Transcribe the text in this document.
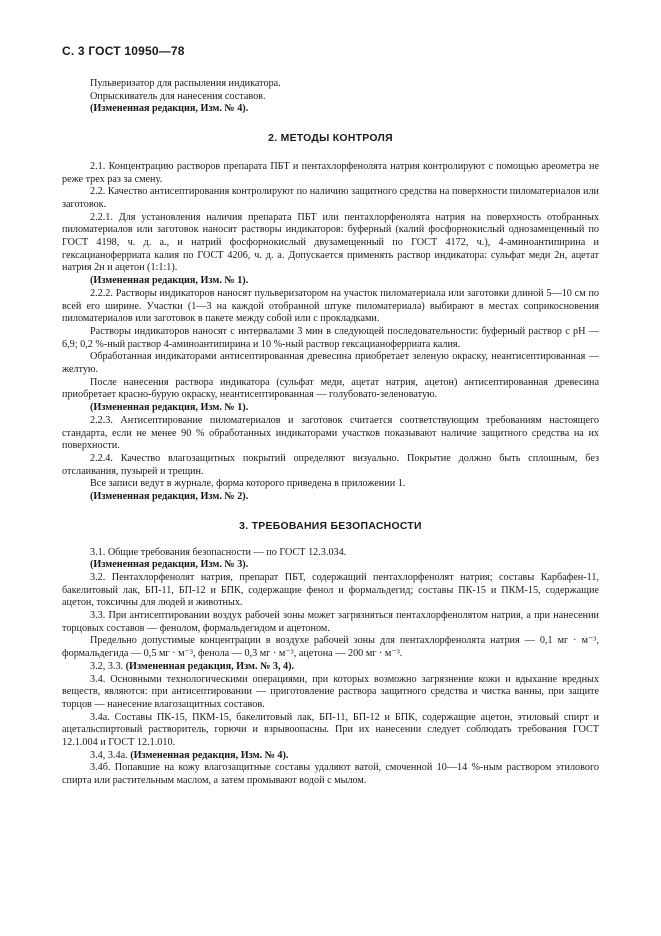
С. 3 ГОСТ 10950—78

Пульверизатор для распыления индикатора.

Опрыскиватель для нанесения составов.

(Измененная редакция, Изм. № 4).

2. МЕТОДЫ КОНТРОЛЯ

2.1. Концентрацию растворов препарата ПБТ и пентахлорфенолята натрия контролируют с помощью ареометра не реже трех раз за смену.

2.2. Качество антисептирования контролируют по наличию защитного средства на поверхности пиломатериалов или заготовок.

2.2.1. Для установления наличия препарата ПБТ или пентахлорфенолята натрия на поверхность отобранных пиломатериалов или заготовок наносят растворы индикаторов: буферный (калий фосфорнокислый однозамещенный по ГОСТ 4198, ч. д. а., и натрий фосфорнокислый двузамещенный по ГОСТ 4172, ч.), 4-аминоантипирина и гексацианоферриата калия по ГОСТ 4206, ч. д. а. Допускается применять раствор индикатора: сульфат меди 2н, ацетат натрия 2н и ацетон (1:1:1).

(Измененная редакция, Изм. № 1).

2.2.2. Растворы индикаторов наносят пульверизатором на участок пиломатериала или заготовки длиной 5—10 см по всей его ширине. Участки (1—3 на каждой отобранной штуке пиломатериала) выбирают в местах соприкосновения пиломатериалов или заготовок в пакете между собой или с прокладками.

Растворы индикаторов наносят с интервалами 3 мин в следующей последовательности: буферный раствор с pH — 6,9; 0,2 %-ный раствор 4-аминоантипирина и 10 %-ный раствор гексацианоферриата калия.

Обработанная индикаторами антисептированная древесина приобретает зеленую окраску, неантисептированная — желтую.

После нанесения раствора индикатора (сульфат меди, ацетат натрия, ацетон) антисептированная древесина приобретает красно-бурую окраску, неантисептированная — голубовато-зеленоватую.

(Измененная редакция, Изм. № 1).

2.2.3. Антисептирование пиломатериалов и заготовок считается соответствующим требованиям настоящего стандарта, если не менее 90 % обработанных индикаторами участков показывают наличие защитного средства на их поверхности.

2.2.4. Качество влагозащитных покрытий определяют визуально. Покрытие должно быть сплошным, без отслаивания, пузырей и трещин.

Все записи ведут в журнале, форма которого приведена в приложении 1.

(Измененная редакция, Изм. № 2).

3. ТРЕБОВАНИЯ БЕЗОПАСНОСТИ

3.1. Общие требования безопасности — по ГОСТ 12.3.034.

(Измененная редакция, Изм. № 3).

3.2. Пентахлорфенолят натрия, препарат ПБТ, содержащий пентахлорфенолят натрия; составы Карбафен-11, бакелитовый лак, БП-11, БП-12 и БПК, содержащие фенол и формальдегид; составы ПК-15 и ПКМ-15, содержащие ацетон, токсичны для людей и животных.

3.3. При антисептировании воздух рабочей зоны может загрязняться пентахлорфенолятом натрия, а при нанесении торцовых составов — фенолом, формальдегидом и ацетоном.

Предельно допустимые концентрации в воздухе рабочей зоны для пентахлорфенолята натрия — 0,1 мг · м⁻³, формальдегида — 0,5 мг · м⁻³, фенола — 0,3 мг · м⁻³, ацетона — 200 мг · м⁻³.

3.2, 3.3. (Измененная редакция, Изм. № 3, 4).

3.4. Основными технологическими операциями, при которых возможно загрязнение кожи и вдыхание вредных веществ, являются: при антисептировании — приготовление раствора защитного средства и чистка ванны, при защите торцов — нанесение влагозащитных составов.

3.4а. Составы ПК-15, ПКМ-15, бакелитовый лак, БП-11, БП-12 и БПК, содержащие ацетон, этиловый спирт и ацетальспиртовый растворитель, горючи и взрывоопасны. При их нанесении следует соблюдать требования ГОСТ 12.1.004 и ГОСТ 12.1.010.

3.4, 3.4а. (Измененная редакция, Изм. № 4).

3.4б. Попавшие на кожу влагозащитные составы удаляют ватой, смоченной 10—14 %-ным раствором этилового спирта или растительным маслом, а затем промывают водой с мылом.
